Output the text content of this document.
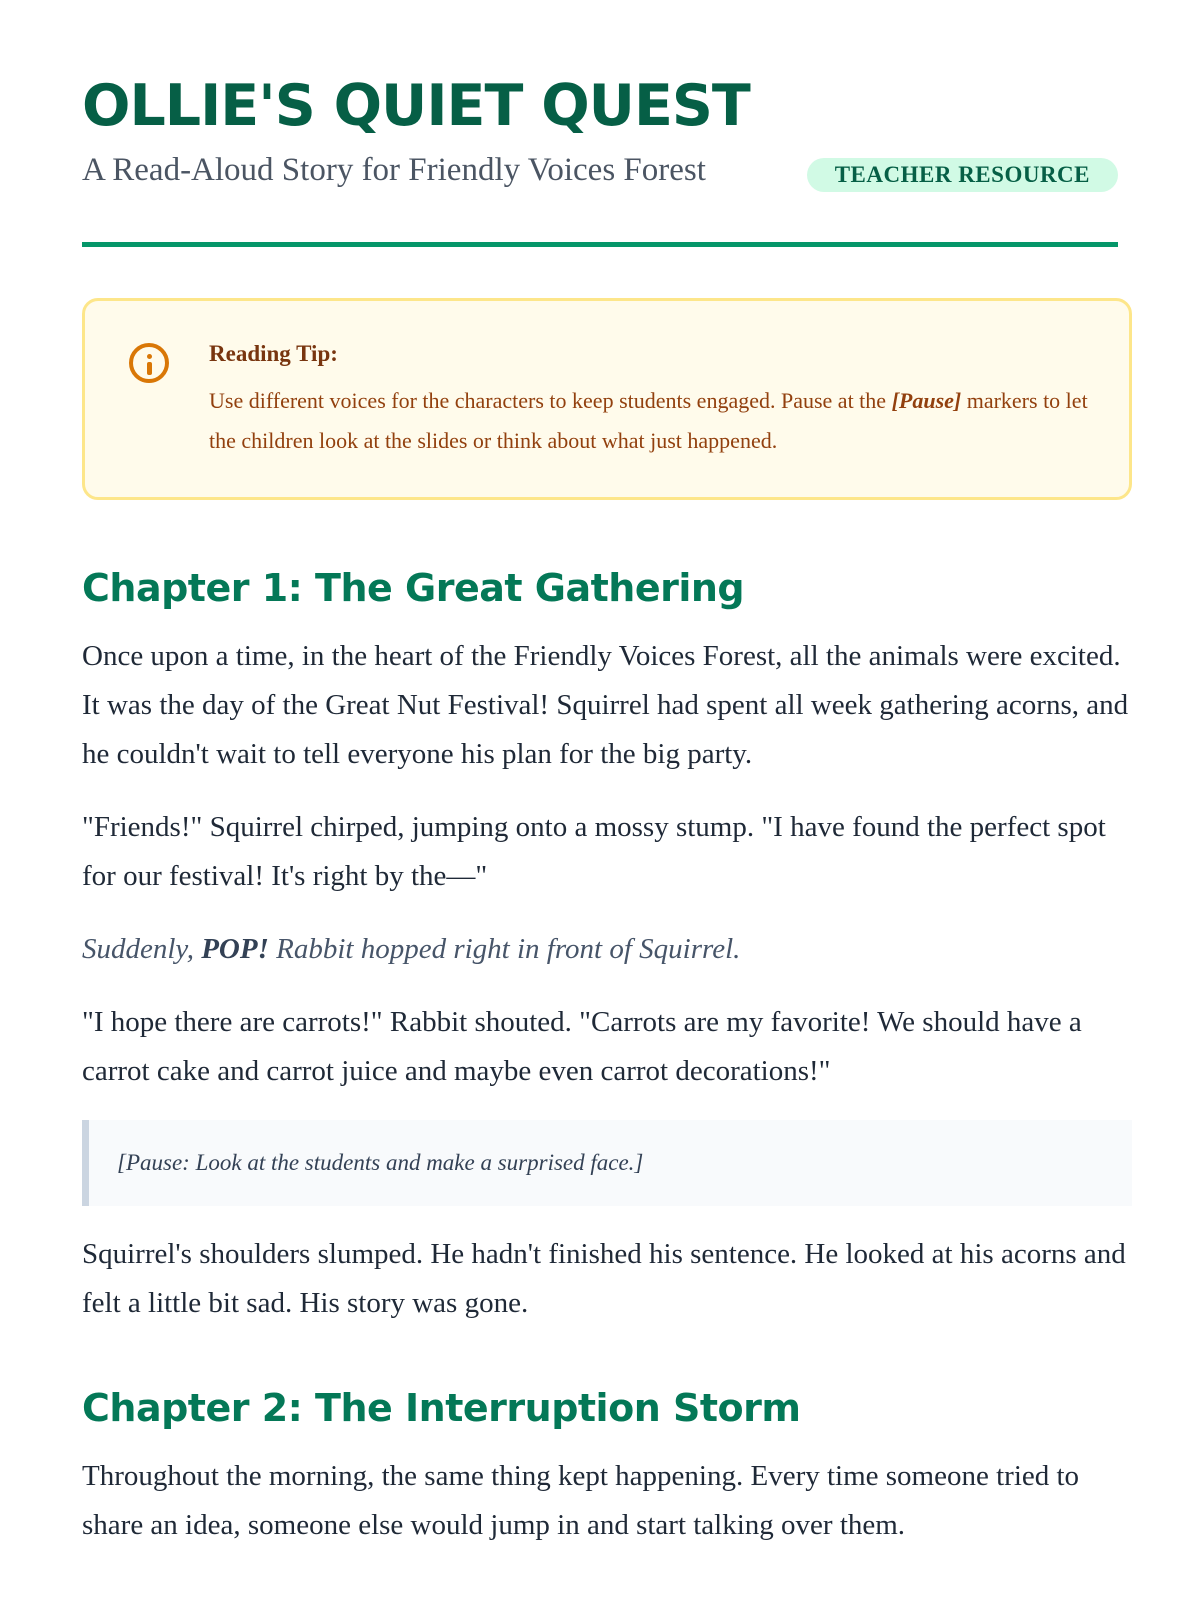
OLLIE'S QUIET QUEST
A Read-Aloud Story for Friendly Voices Forest	TEACHER RESOURCE
Reading Tip:
Use different voices for the characters to keep students engaged. Pause at the [Pause] markers to let the children look at the slides or think about what just happened.
Chapter 1: The Great Gathering

Once upon a time, in the heart of the Friendly Voices Forest, all the animals were excited. It was the day of the Great Nut Festival! Squirrel had spent all week gathering acorns, and he couldn't wait to tell everyone his plan for the big party.

"Friends!" Squirrel chirped, jumping onto a mossy stump. "I have found the perfect spot for our festival! It's right by the—"

Suddenly, POP! Rabbit hopped right in front of Squirrel.

"I hope there are carrots!" Rabbit shouted. "Carrots are my favorite! We should have a carrot cake and carrot juice and maybe even carrot decorations!"

[Pause: Look at the students and make a surprised face.]

Squirrel's shoulders slumped. He hadn't finished his sentence. He looked at his acorns and felt a little bit sad. His story was gone.

Chapter 2: The Interruption Storm

Throughout the morning, the same thing kept happening. Every time someone tried to share an idea, someone else would jump in and start talking over them.
